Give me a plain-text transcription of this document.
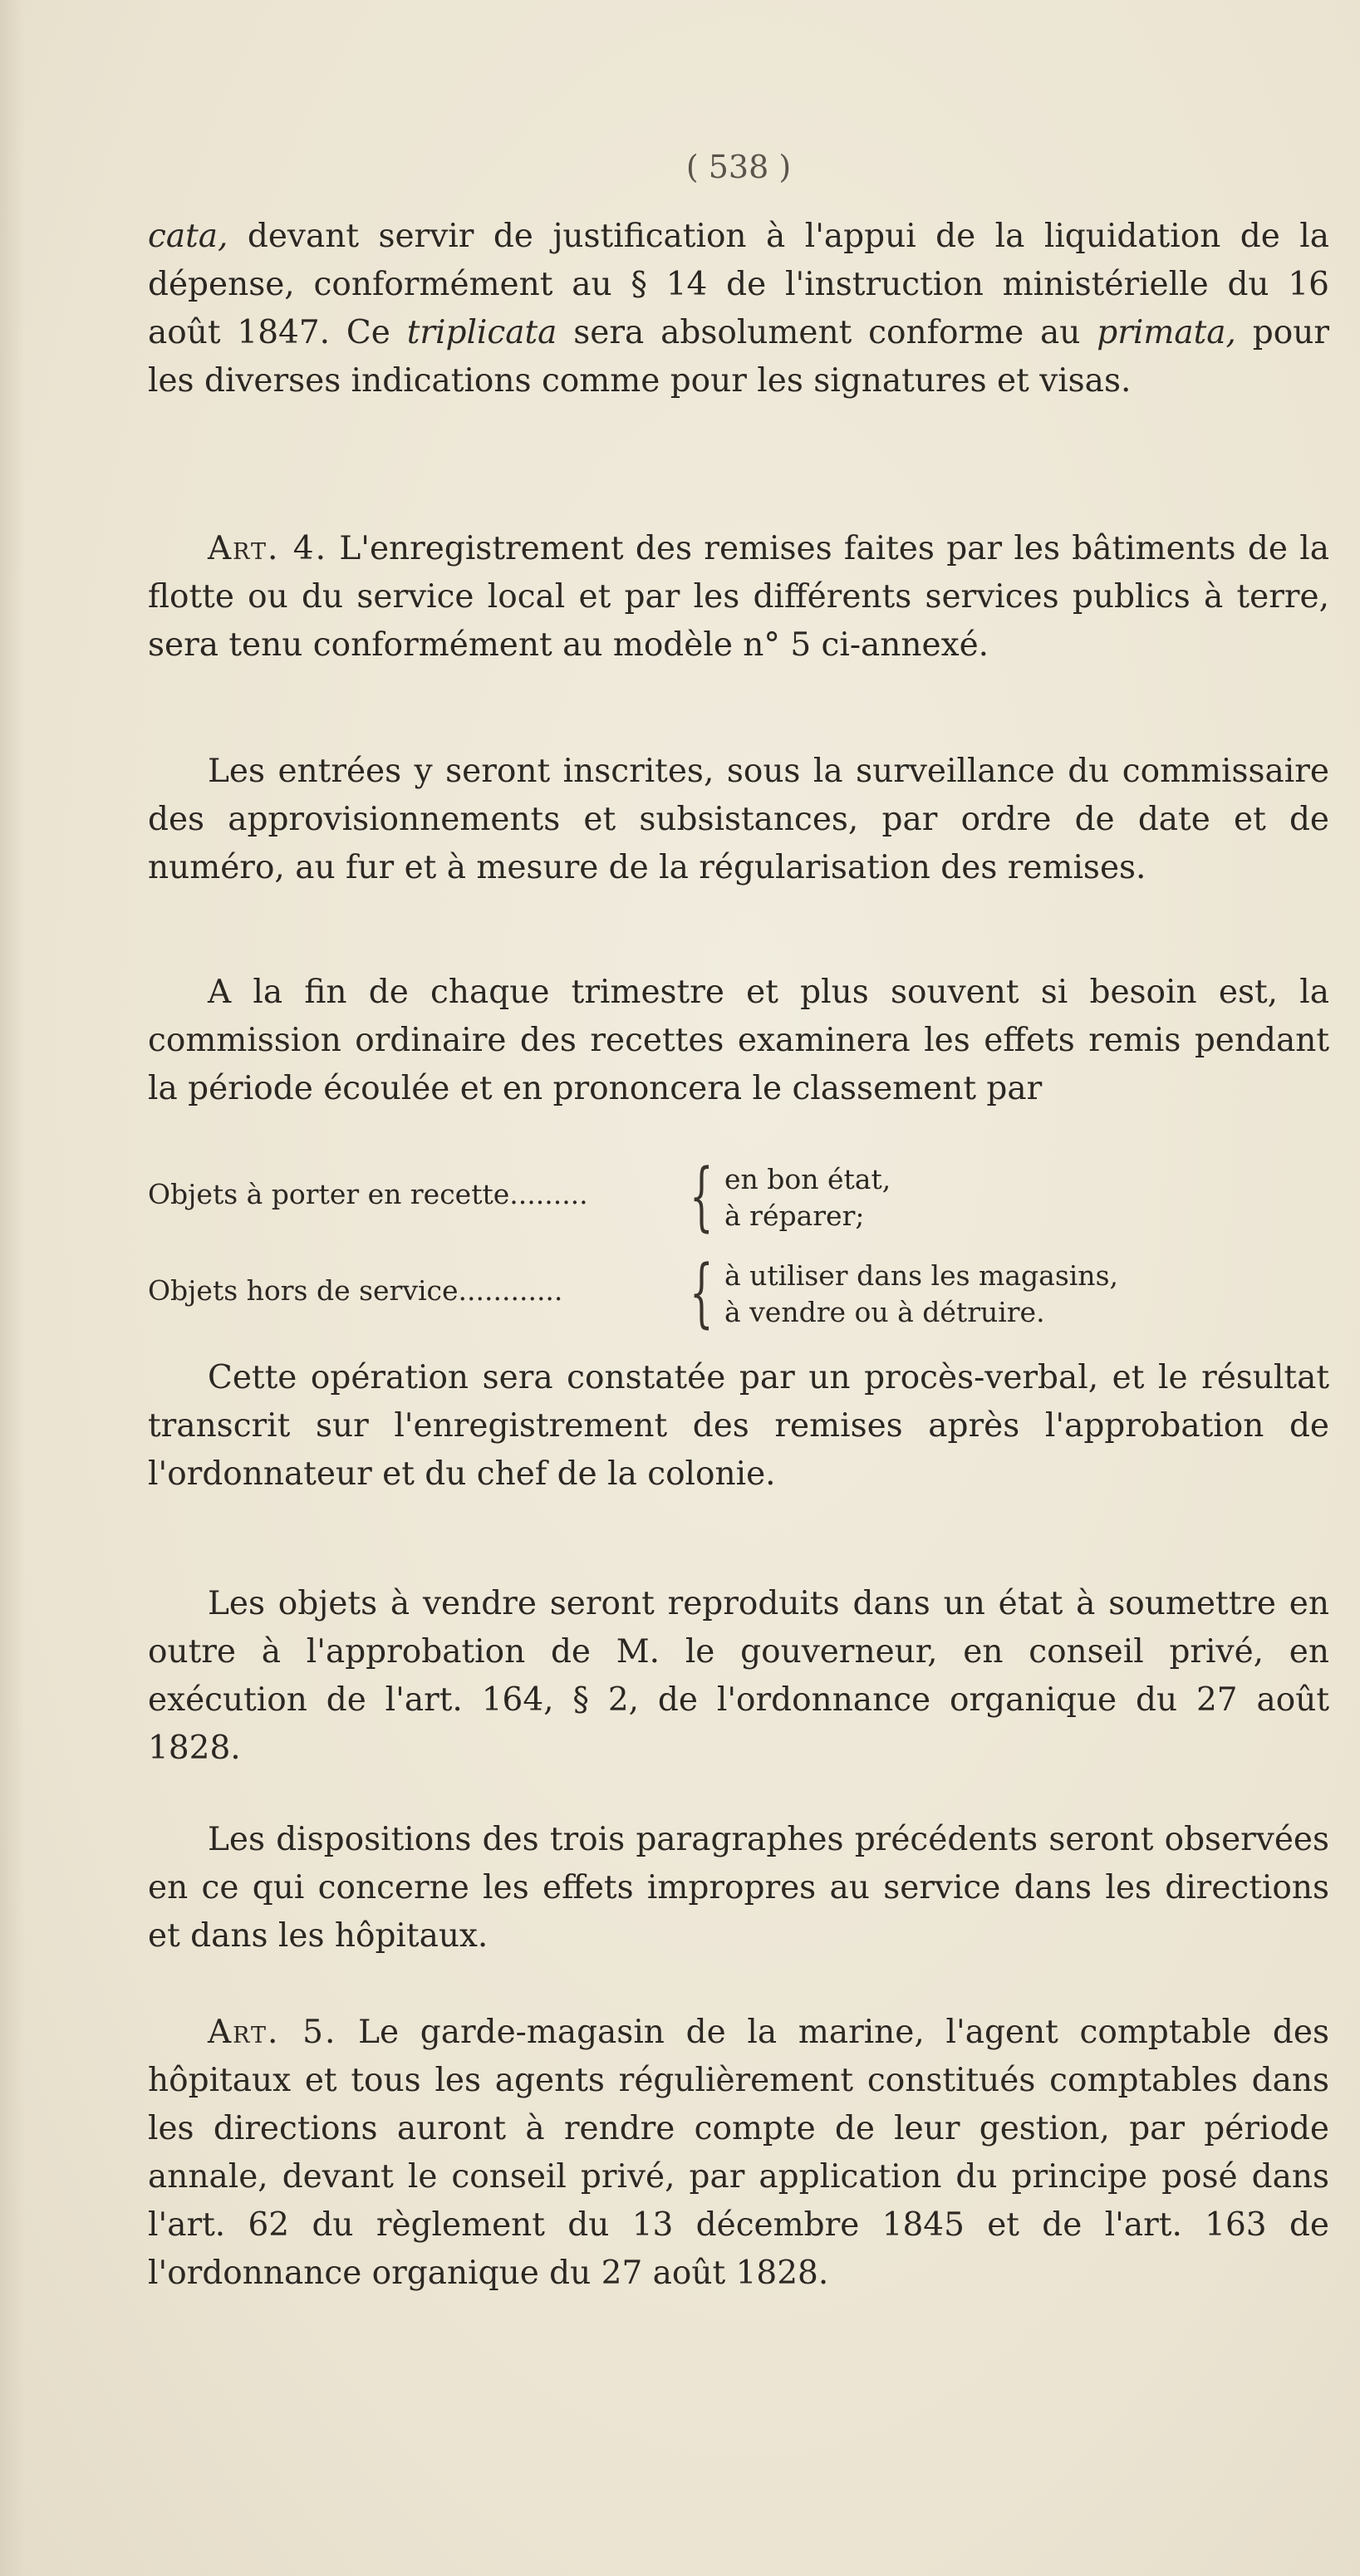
( 538 )

cata, devant servir de justification à l'appui de la liquidation de la dépense, conformément au § 14 de l'instruction ministérielle du 16 août 1847. Ce triplicata sera absolument conforme au primata, pour les diverses indications comme pour les signatures et visas.

Art. 4. L'enregistrement des remises faites par les bâtiments de la flotte ou du service local et par les différents services publics à terre, sera tenu conformément au modèle n° 5 ci-annexé.

Les entrées y seront inscrites, sous la surveillance du commissaire des approvisionnements et subsistances, par ordre de date et de numéro, au fur et à mesure de la régularisation des remises.

A la fin de chaque trimestre et plus souvent si besoin est, la commission ordinaire des recettes examinera les effets remis pendant la période écoulée et en prononcera le classement par

Objets à porter en recette......... { en bon état,
à réparer;
Objets hors de service............ { à utiliser dans les magasins,
à vendre ou à détruire.

Cette opération sera constatée par un procès-verbal, et le résultat transcrit sur l'enregistrement des remises après l'approbation de l'ordonnateur et du chef de la colonie.

Les objets à vendre seront reproduits dans un état à soumettre en outre à l'approbation de M. le gouverneur, en conseil privé, en exécution de l'art. 164, § 2, de l'ordonnance organique du 27 août 1828.

Les dispositions des trois paragraphes précédents seront observées en ce qui concerne les effets impropres au service dans les directions et dans les hôpitaux.

Art. 5. Le garde-magasin de la marine, l'agent comptable des hôpitaux et tous les agents régulièrement constitués comptables dans les directions auront à rendre compte de leur gestion, par période annale, devant le conseil privé, par application du principe posé dans l'art. 62 du règlement du 13 décembre 1845 et de l'art. 163 de l'ordonnance organique du 27 août 1828.
